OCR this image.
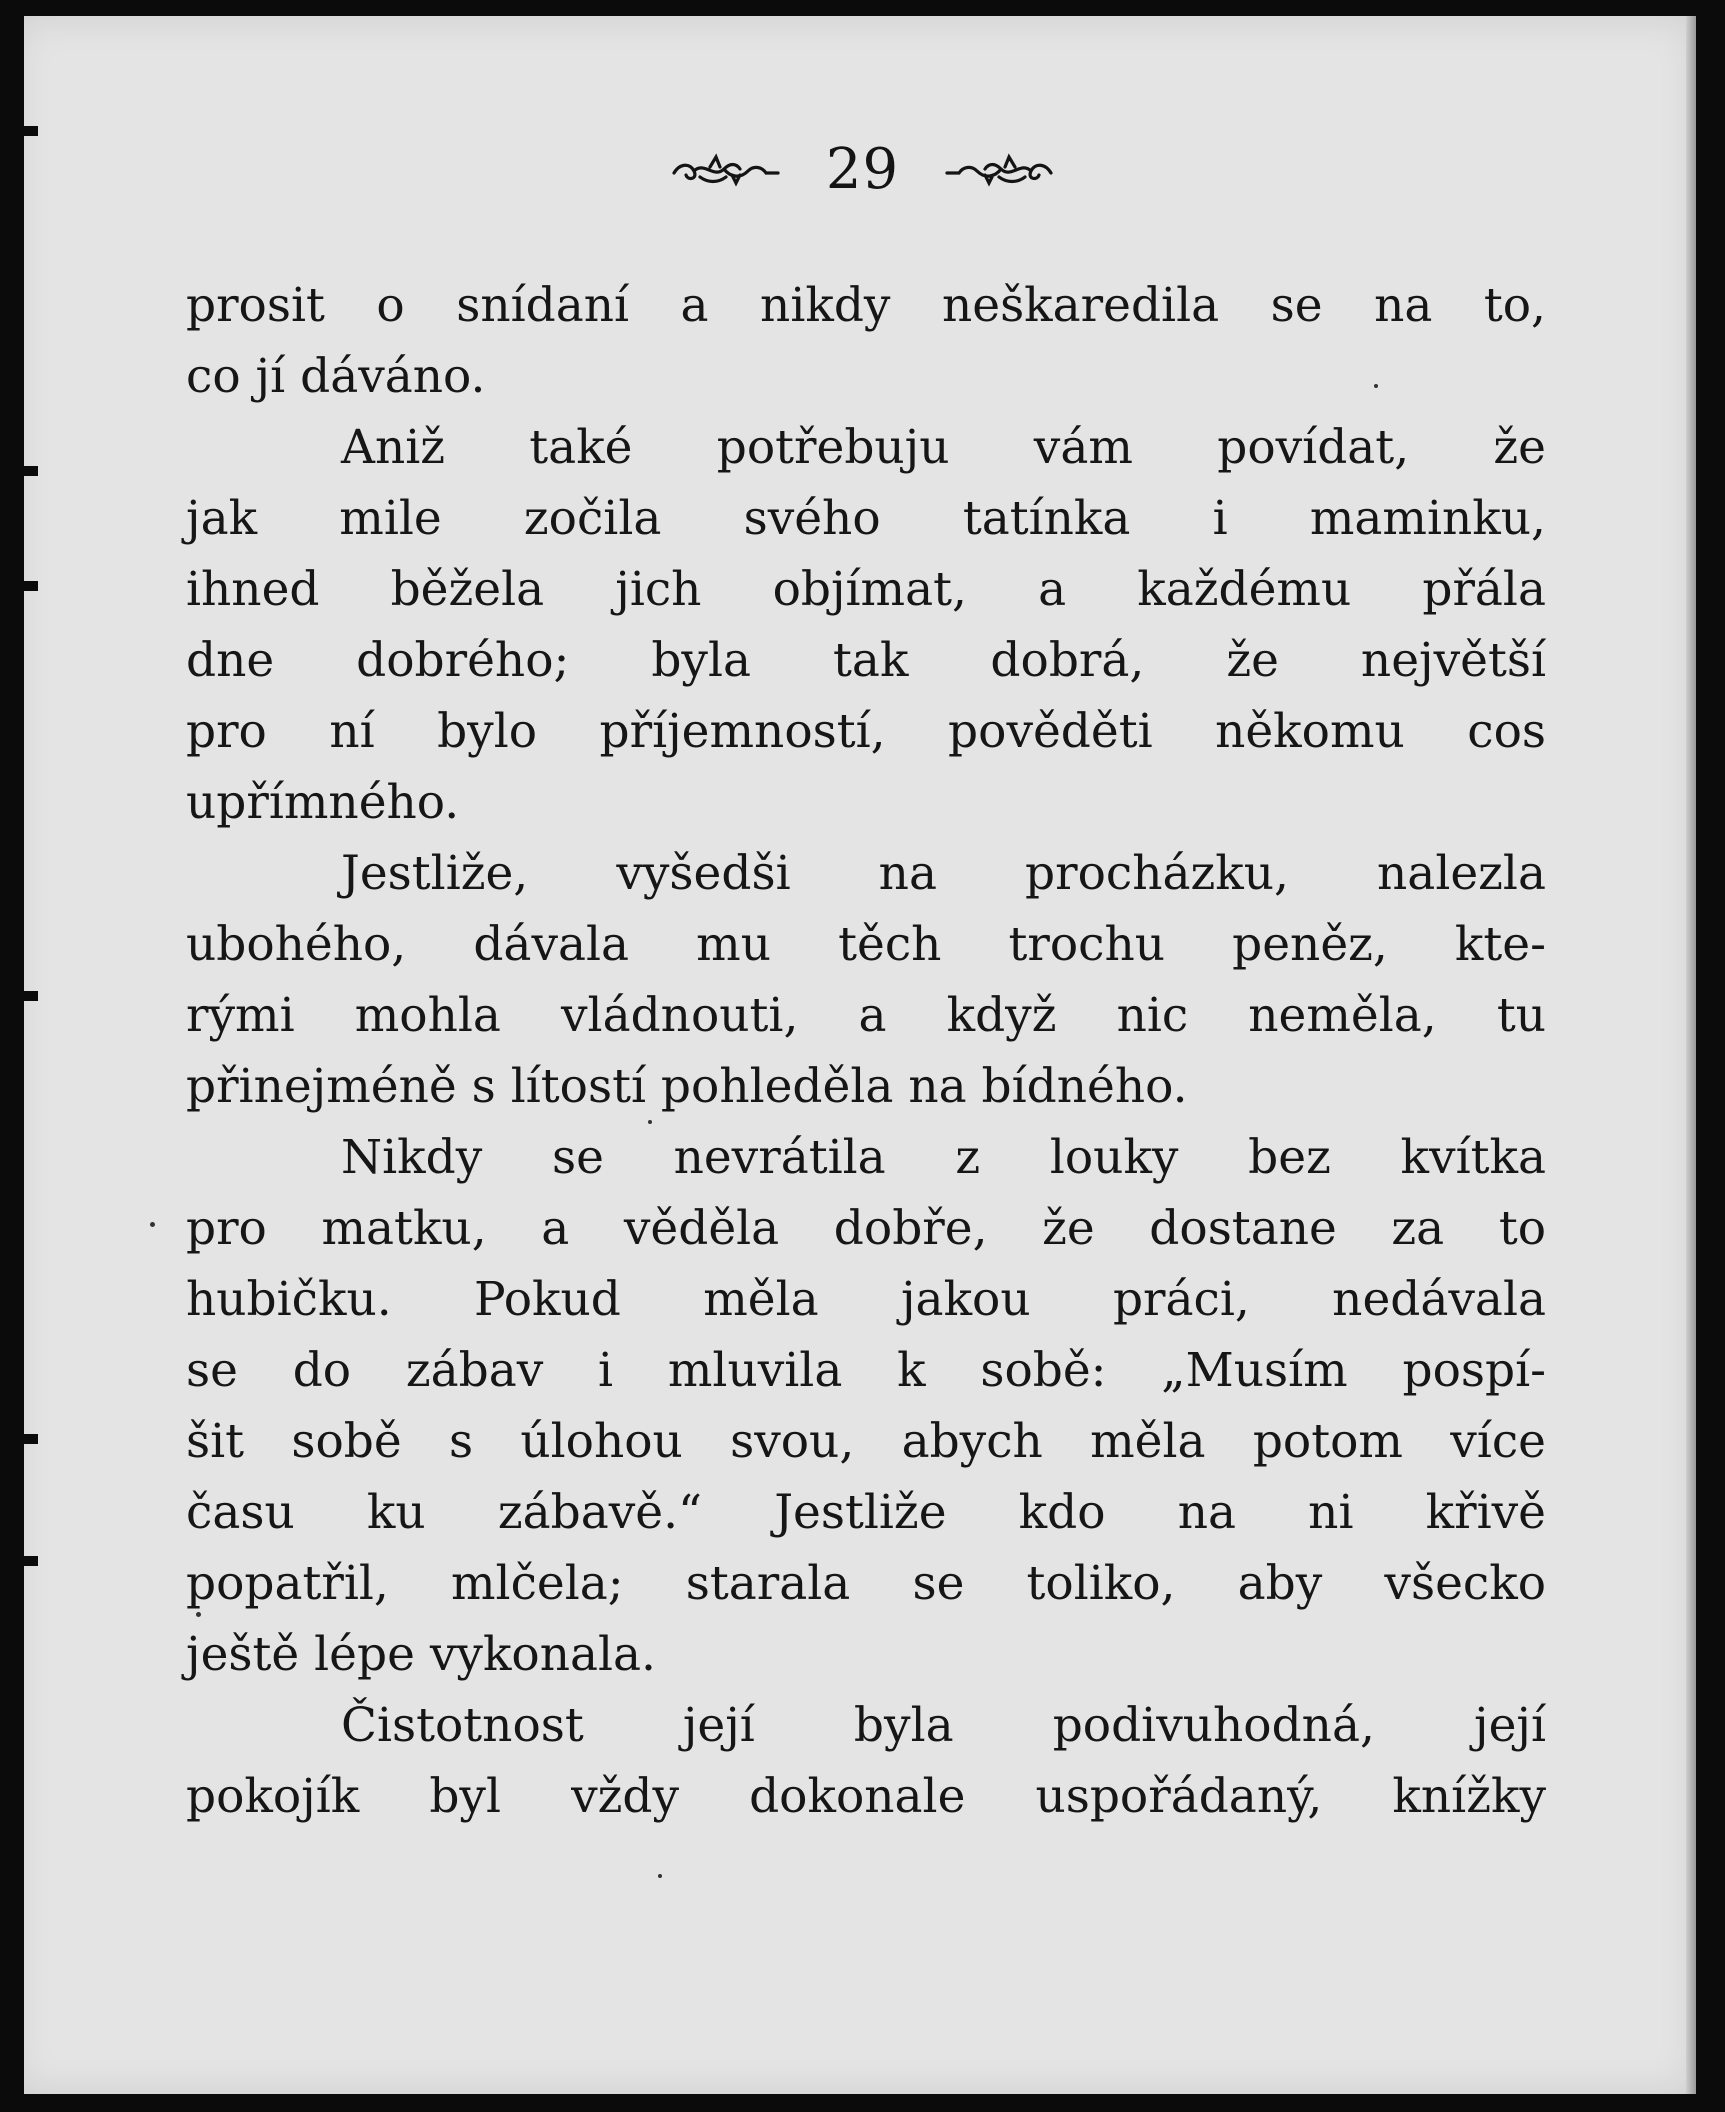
29
prosit o snídaní a nikdy neškaredila se na to,
co jí dáváno.
Aniž také potřebuju vám povídat, že
jak mile zočila svého tatínka i maminku,
ihned běžela jich objímat, a každému přála
dne dobrého; byla tak dobrá, že největší
pro ní bylo příjemností, pověděti někomu cos
upřímného.
Jestliže, vyšedši na procházku, nalezla
ubohého, dávala mu těch trochu peněz, kte-
rými mohla vládnouti, a když nic neměla, tu
přinejméně s lítostí pohleděla na bídného.
Nikdy se nevrátila z louky bez kvítka
pro matku, a věděla dobře, že dostane za to
hubičku. Pokud měla jakou práci, nedávala
se do zábav i mluvila k sobě: „Musím pospí-
šit sobě s úlohou svou, abych měla potom více
času ku zábavě.“ Jestliže kdo na ni křivě
popatřil, mlčela; starala se toliko, aby všecko
ještě lépe vykonala.
Čistotnost její byla podivuhodná, její
pokojík byl vždy dokonale uspořádaný, knížky
